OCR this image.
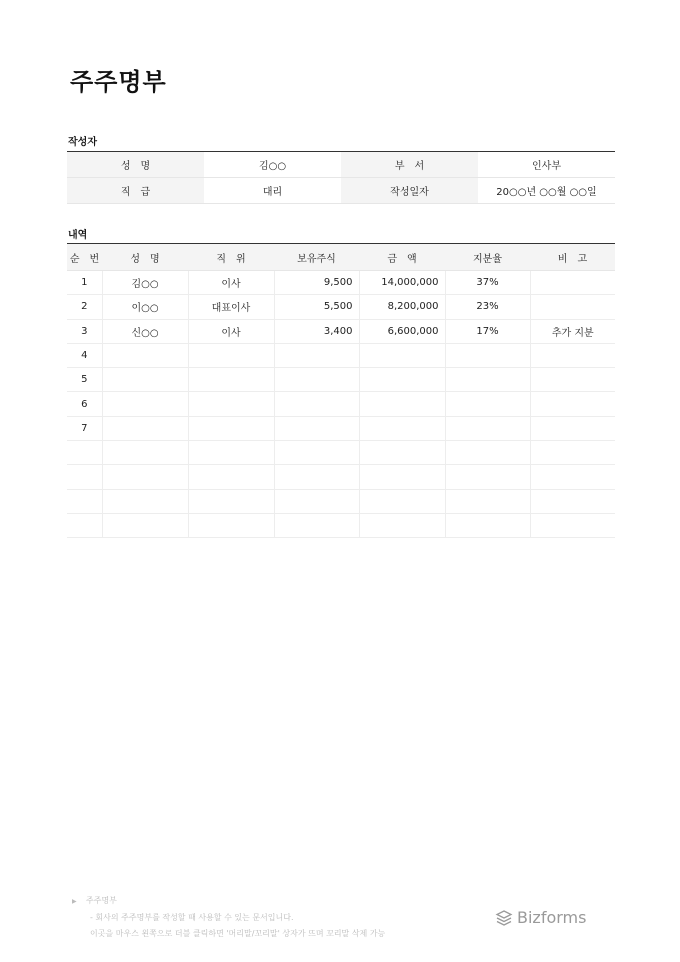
주주명부
작성자
성　명	김○○	부　서	인사부
직　급	대리	작성일자	20○○년 ○○월 ○○일
내역
순　번	성　명	직　위	보유주식	금　액	지분율	비　고
1	김○○	이사	9,500	14,000,000	37%	
2	이○○	대표이사	5,500	8,200,000	23%	
3	신○○	이사	3,400	6,600,000	17%	추가 지분
4						
5						
6						
7						

▶ 주주명부
- 회사의 주주명부를 작성할 때 사용할 수 있는 문서입니다.
이곳을 마우스 왼쪽으로 더블 클릭하면 '머리말/꼬리말' 상자가 뜨며 꼬리말 삭제 가능
Bizforms
